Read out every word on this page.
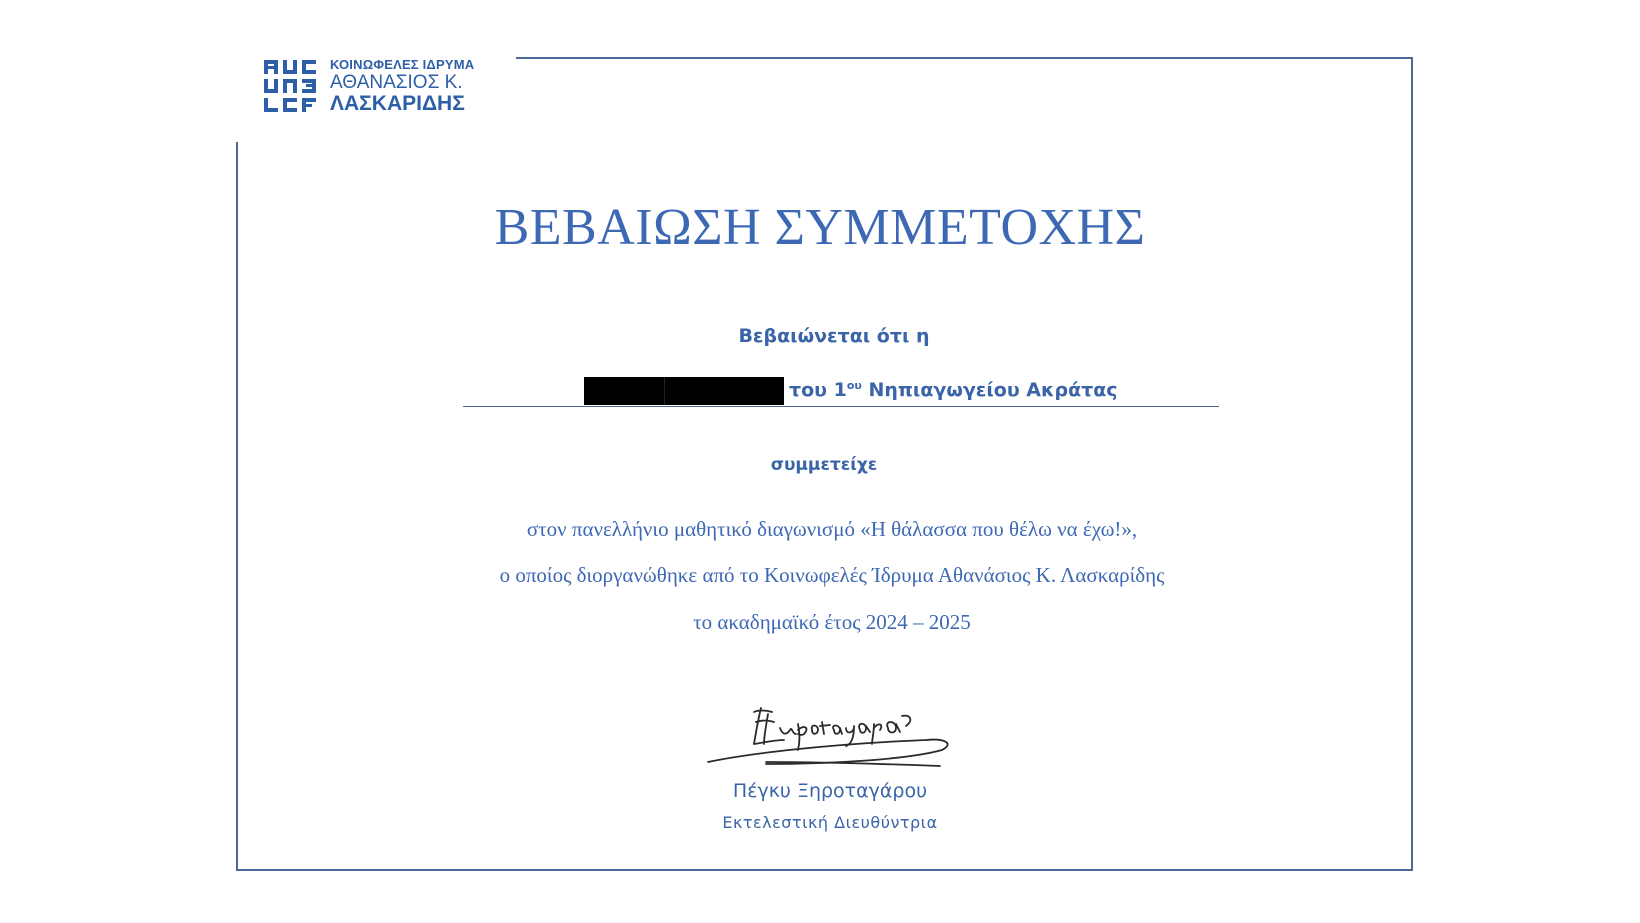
ΚΟΙΝΩΦΕΛΕΣ ΙΔΡΥΜΑ
ΑΘΑΝΑΣΙΟΣ Κ.
ΛΑΣΚΑΡΙΔΗΣ
ΒΕΒΑΙΩΣΗ ΣΥΜΜΕΤΟΧΗΣ
Βεβαιώνεται ότι η
του $1^{o\upsilon}$ Νηπιαγωγείου Ακράτας
συμμετείχε
στον πανελλήνιο μαθητικό διαγωνισμό «Η θάλασσα που θέλω να έχω!»,
ο οποίος διοργανώθηκε από το Κοινωφελές Ίδρυμα Αθανάσιος Κ. Λασκαρίδης
το ακαδημαϊκό έτος 2024 – 2025
Πέγκυ Ξηροταγάρου
Εκτελεστική Διευθύντρια
